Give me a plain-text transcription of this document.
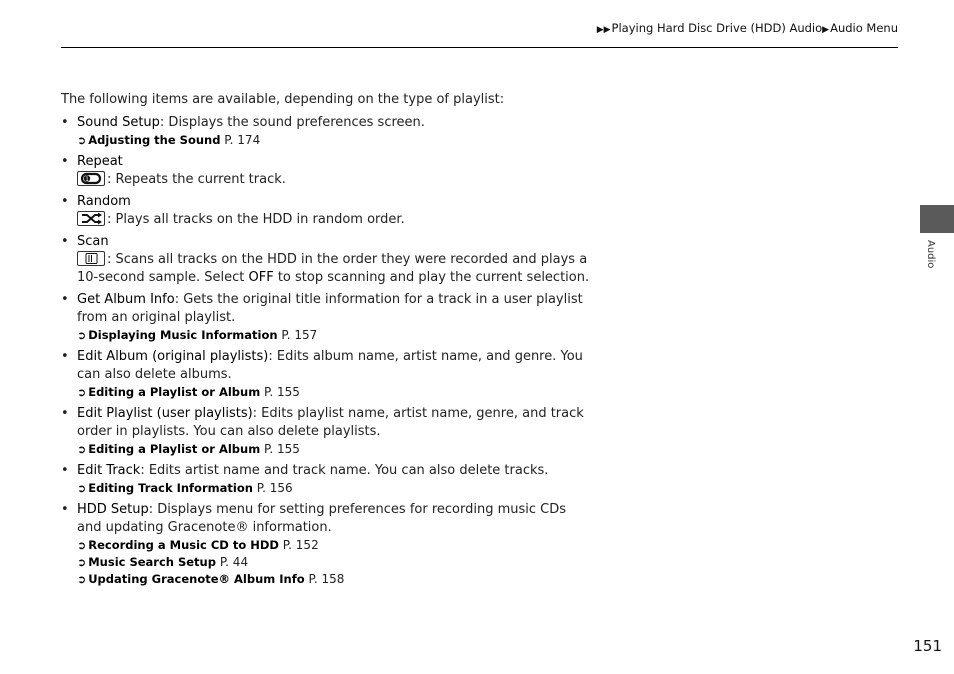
▶▶Playing Hard Disc Drive (HDD) Audio▶Audio Menu
Audio

The following items are available, depending on the type of playlist:

• Sound Setup: Displays the sound preferences screen.
➲ Adjusting the Sound P. 174
• Repeat
1 : Repeats the current track.
• Random
: Plays all tracks on the HDD in random order.
• Scan
: Scans all tracks on the HDD in the order they were recorded and plays a 10-second sample. Select OFF to stop scanning and play the current selection.
• Get Album Info: Gets the original title information for a track in a user playlist from an original playlist.
➲ Displaying Music Information P. 157
• Edit Album (original playlists): Edits album name, artist name, and genre. You can also delete albums.
➲ Editing a Playlist or Album P. 155
• Edit Playlist (user playlists): Edits playlist name, artist name, genre, and track order in playlists. You can also delete playlists.
➲ Editing a Playlist or Album P. 155
• Edit Track: Edits artist name and track name. You can also delete tracks.
➲ Editing Track Information P. 156
• HDD Setup: Displays menu for setting preferences for recording music CDs and updating Gracenote® information.
➲ Recording a Music CD to HDD P. 152
➲ Music Search Setup P. 44
➲ Updating Gracenote® Album Info P. 158
151
